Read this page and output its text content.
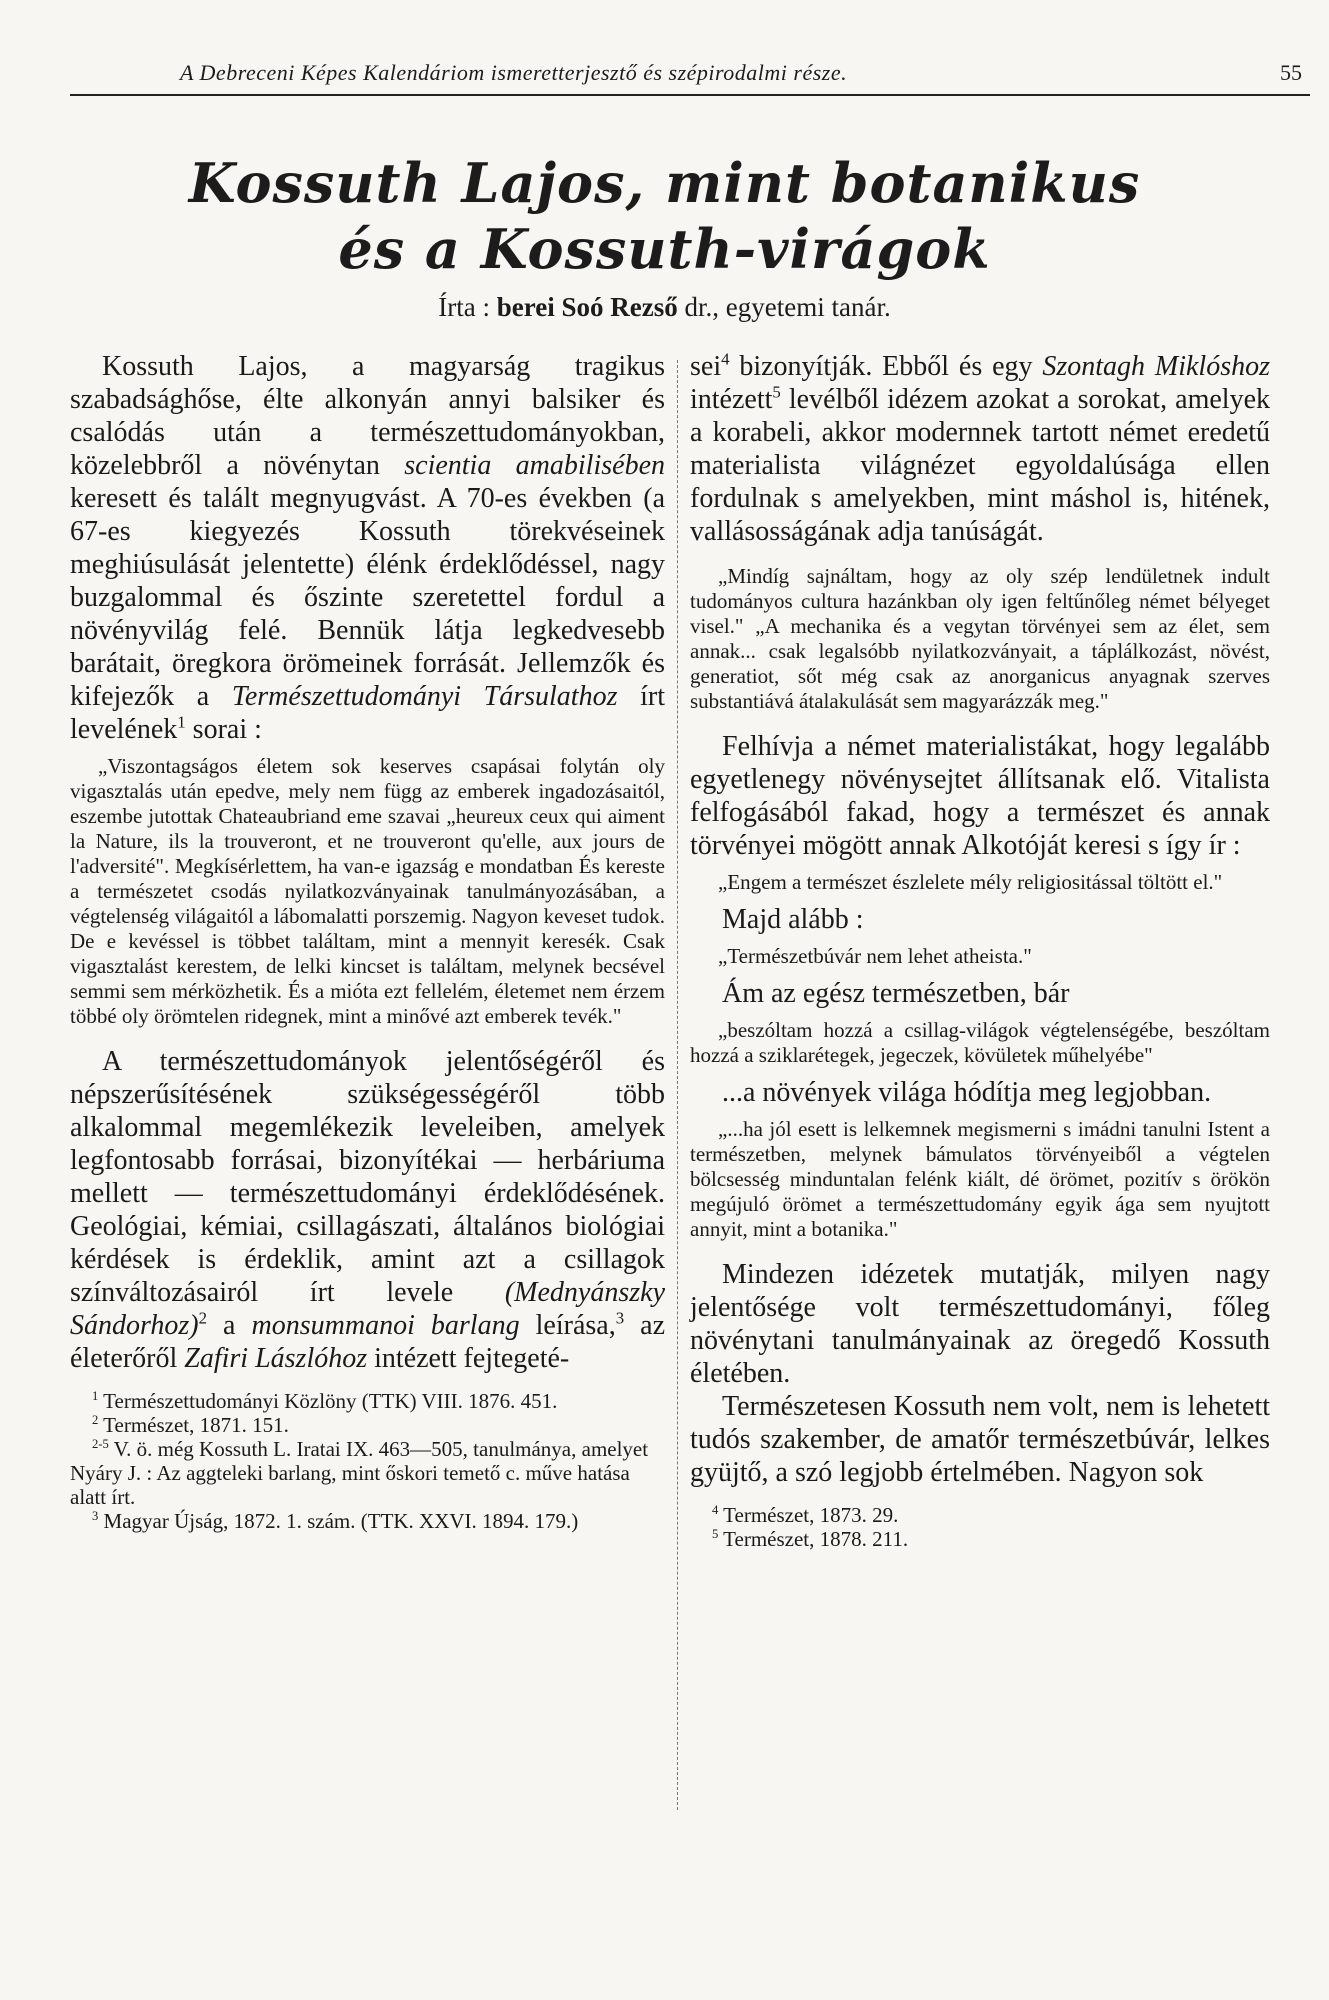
A Debreceni Képes Kalendáriom ismeretterjesztő és szépirodalmi része.	55
Kossuth Lajos, mint botanikus
és a Kossuth-virágok
Írta : berei Soó Rezső dr., egyetemi tanár.

Kossuth Lajos, a magyarság tragikus szabadsághőse, élte alkonyán annyi balsiker és csalódás után a természettudományokban, közelebbről a növénytan scientia amabilisében keresett és talált megnyugvást. A 70-es években (a 67-es kiegyezés Kossuth törekvéseinek meghiúsulását jelentette) élénk érdeklődéssel, nagy buzgalommal és őszinte szeretettel fordul a növényvilág felé. Bennük látja legkedvesebb barátait, öregkora örömeinek forrását. Jellemzők és kifejezők a Természettudományi Társulathoz írt levelének$^1$ sorai :

„Viszontagságos életem sok keserves csapásai folytán oly vigasztalás után epedve, mely nem függ az emberek ingadozásaitól, eszembe jutottak Chateaubriand eme szavai „heureux ceux qui aiment la Nature, ils la trouveront, et ne trouveront qu'elle, aux jours de l'adversité". Megkísérlettem, ha van-e igazság e mondatban És kereste a természetet csodás nyilatkozványainak tanulmányozásában, a végtelenség világaitól a lábomalatti porszemig. Nagyon keveset tudok. De e kevéssel is többet találtam, mint a mennyit keresék. Csak vigasztalást kerestem, de lelki kincset is találtam, melynek becsével semmi sem mérközhetik. És a mióta ezt fellelém, életemet nem érzem többé oly örömtelen ridegnek, mint a minővé azt emberek tevék."

A természettudományok jelentőségéről és népszerűsítésének szükségességéről több alkalommal megemlékezik leveleiben, amelyek legfontosabb forrásai, bizonyítékai — herbáriuma mellett — természettudományi érdeklődésének. Geológiai, kémiai, csillagászati, általános biológiai kérdések is érdeklik, amint azt a csillagok színváltozásairól írt levele (Mednyánszky Sándorhoz)$^2$ a monsummanoi barlang leírása,$^3$ az életerőről Zafiri Lászlóhoz intézett fejtegeté-

$^1$ Természettudományi Közlöny (TTK) VIII. 1876. 451.

$^2$ Természet, 1871. 151.

$^{2-5}$ V. ö. még Kossuth L. Iratai IX. 463—505, tanulmánya, amelyet Nyáry J. : Az aggteleki barlang, mint őskori temető c. műve hatása alatt írt.

$^3$ Magyar Újság, 1872. 1. szám. (TTK. XXVI. 1894. 179.)

sei$^4$ bizonyítják. Ebből és egy Szontagh Miklóshoz intézett$^5$ levélből idézem azokat a sorokat, amelyek a korabeli, akkor modernnek tartott német eredetű materialista világnézet egyoldalúsága ellen fordulnak s amelyekben, mint máshol is, hitének, vallásosságának adja tanúságát.

„Mindíg sajnáltam, hogy az oly szép lendületnek indult tudományos cultura hazánkban oly igen feltűnőleg német bélyeget visel." „A mechanika és a vegytan törvényei sem az élet, sem annak... csak legalsóbb nyilatkozványait, a táplálkozást, növést, generatiot, sőt még csak az anorganicus anyagnak szerves substantiává átalakulását sem magyarázzák meg."

Felhívja a német materialistákat, hogy legalább egyetlenegy növénysejtet állítsanak elő. Vitalista felfogásából fakad, hogy a természet és annak törvényei mögött annak Alkotóját keresi s így ír :

„Engem a természet észlelete mély religiositással töltött el."

Majd alább :

„Természetbúvár nem lehet atheista."

Ám az egész természetben, bár

„beszóltam hozzá a csillag-világok végtelenségébe, beszóltam hozzá a sziklarétegek, jegeczek, kövületek műhelyébe"

...a növények világa hódítja meg legjobban.

„...ha jól esett is lelkemnek megismerni s imádni tanulni Istent a természetben, melynek bámulatos törvényeiből a végtelen bölcsesség minduntalan felénk kiált, dé örömet, pozitív s örökön megújuló örömet a természettudomány egyik ága sem nyujtott annyit, mint a botanika."

Mindezen idézetek mutatják, milyen nagy jelentősége volt természettudományi, főleg növénytani tanulmányainak az öregedő Kossuth életében.

Természetesen Kossuth nem volt, nem is lehetett tudós szakember, de amatőr természetbúvár, lelkes gyüjtő, a szó legjobb értelmében. Nagyon sok

$^4$ Természet, 1873. 29.

$^5$ Természet, 1878. 211.
